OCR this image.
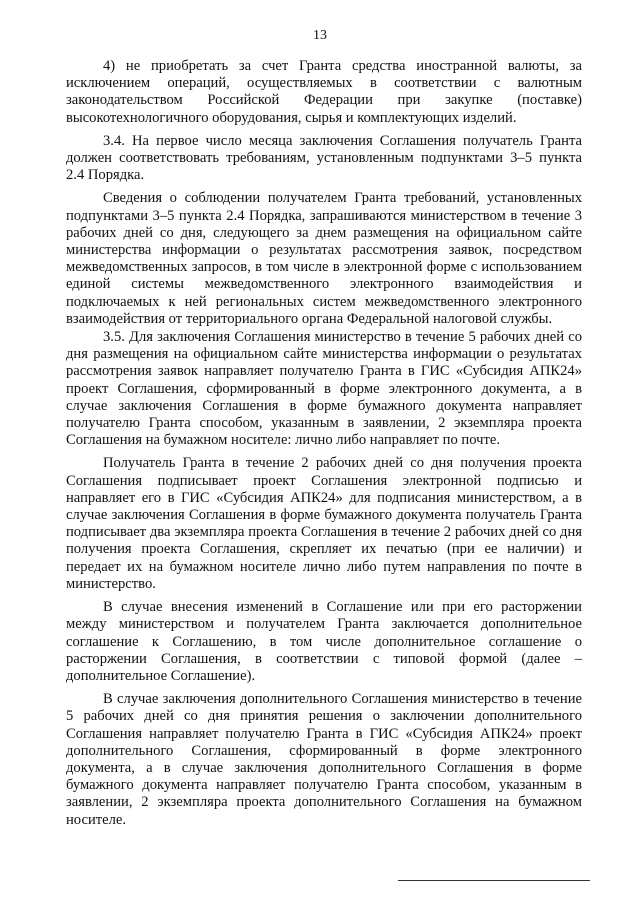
13

4) не приобретать за счет Гранта средства иностранной валюты, за исключением операций, осуществляемых в соответствии с валютным законодательством Российской Федерации при закупке (поставке) высокотехнологичного оборудования, сырья и комплектующих изделий.

3.4. На первое число месяца заключения Соглашения получатель Гранта должен соответствовать требованиям, установленным подпунктами 3–5 пункта 2.4 Порядка.

Сведения о соблюдении получателем Гранта требований, установленных подпунктами 3–5 пункта 2.4 Порядка, запрашиваются министерством в течение 3 рабочих дней со дня, следующего за днем размещения на официальном сайте министерства информации о результатах рассмотрения заявок, посредством межведомственных запросов, в том числе в электронной форме с использованием единой системы межведомственного электронного взаимодействия и подключаемых к ней региональных систем межведомственного электронного взаимодействия от территориального органа Федеральной налоговой службы.

3.5. Для заключения Соглашения министерство в течение 5 рабочих дней со дня размещения на официальном сайте министерства информации о результатах рассмотрения заявок направляет получателю Гранта в ГИС «Субсидия АПК24» проект Соглашения, сформированный в форме электронного документа, а в случае заключения Соглашения в форме бумажного документа направляет получателю Гранта способом, указанным в заявлении, 2 экземпляра проекта Соглашения на бумажном носителе: лично либо направляет по почте.

Получатель Гранта в течение 2 рабочих дней со дня получения проекта Соглашения подписывает проект Соглашения электронной подписью и направляет его в ГИС «Субсидия АПК24» для подписания министерством, а в случае заключения Соглашения в форме бумажного документа получатель Гранта подписывает два экземпляра проекта Соглашения в течение 2 рабочих дней со дня получения проекта Соглашения, скрепляет их печатью (при ее наличии) и передает их на бумажном носителе лично либо путем направления по почте в министерство.

В случае внесения изменений в Соглашение или при его расторжении между министерством и получателем Гранта заключается дополнительное соглашение к Соглашению, в том числе дополнительное соглашение о расторжении Соглашения, в соответствии с типовой формой (далее – дополнительное Соглашение).

В случае заключения дополнительного Соглашения министерство в течение 5 рабочих дней со дня принятия решения о заключении дополнительного Соглашения направляет получателю Гранта в ГИС «Субсидия АПК24» проект дополнительного Соглашения, сформированный в форме электронного документа, а в случае заключения дополнительного Соглашения в форме бумажного документа направляет получателю Гранта способом, указанным в заявлении, 2 экземпляра проекта дополнительного Соглашения на бумажном носителе.
